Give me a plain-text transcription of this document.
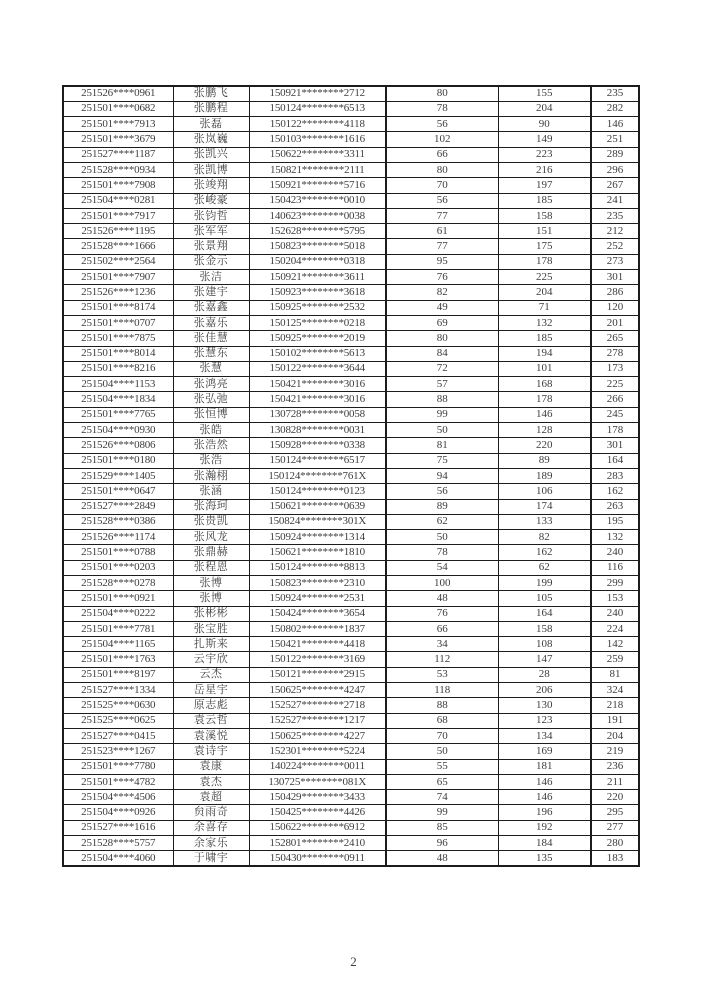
251526****0961	张鹏飞	150921********2712	80	155	235
251501****0682	张鹏程	150124********6513	78	204	282
251501****7913	张磊	150122********4118	56	90	146
251501****3679	张岚巍	150103********1616	102	149	251
251527****1187	张凯兴	150622********3311	66	223	289
251528****0934	张凯博	150821********2111	80	216	296
251501****7908	张竣翔	150921********5716	70	197	267
251504****0281	张峻豪	150423********0010	56	185	241
251501****7917	张钧哲	140623********0038	77	158	235
251526****1195	张军军	152628********5795	61	151	212
251528****1666	张景翔	150823********5018	77	175	252
251502****2564	张金示	150204********0318	95	178	273
251501****7907	张洁	150921********3611	76	225	301
251526****1236	张建宇	150923********3618	82	204	286
251501****8174	张嘉鑫	150925********2532	49	71	120
251501****0707	张嘉乐	150125********0218	69	132	201
251501****7875	张佳慧	150925********2019	80	185	265
251501****8014	张慧东	150102********5613	84	194	278
251501****8216	张慧	150122********3644	72	101	173
251504****1153	张鸿亮	150421********3016	57	168	225
251504****1834	张弘弛	150421********3016	88	178	266
251501****7765	张恒博	130728********0058	99	146	245
251504****0930	张皓	130828********0031	50	128	178
251526****0806	张浩然	150928********0338	81	220	301
251501****0180	张浩	150124********6517	75	89	164
251529****1405	张瀚栩	150124********761X	94	189	283
251501****0647	张涵	150124********0123	56	106	162
251527****2849	张海珂	150621********0639	89	174	263
251528****0386	张贵凯	150824********301X	62	133	195
251526****1174	张风龙	150924********1314	50	82	132
251501****0788	张鼎赫	150621********1810	78	162	240
251501****0203	张程恩	150124********8813	54	62	116
251528****0278	张博	150823********2310	100	199	299
251501****0921	张博	150924********2531	48	105	153
251504****0222	张彬彬	150424********3654	76	164	240
251501****7781	张宝胜	150802********1837	66	158	224
251504****1165	扎斯来	150421********4418	34	108	142
251501****1763	云宇欣	150122********3169	112	147	259
251501****8197	云杰	150121********2915	53	28	81
251527****1334	岳星宇	150625********4247	118	206	324
251525****0630	原志彪	152527********2718	88	130	218
251525****0625	袁云哲	152527********1217	68	123	191
251527****0415	袁溪悦	150625********4227	70	134	204
251523****1267	袁诗宇	152301********5224	50	169	219
251501****7780	袁康	140224********0011	55	181	236
251501****4782	袁杰	130725********081X	65	146	211
251504****4506	袁超	150429********3433	74	146	220
251504****0926	贠雨奇	150425********4426	99	196	295
251527****1616	余喜存	150622********6912	85	192	277
251528****5757	余家乐	152801********2410	96	184	280
251504****4060	于啸宇	150430********0911	48	135	183
2
